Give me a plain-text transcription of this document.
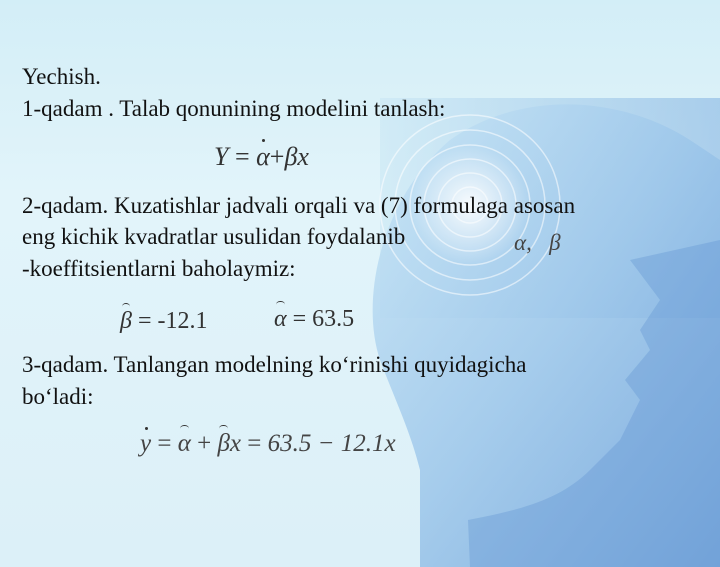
Yechish.
1-qadam . Talab qonunining modelini tanlash:
Y = α+βx
2-qadam. Kuzatishlar jadvali orqali va (7) formulaga asosan
eng kichik kvadratlar usulidan foydalanib	α, β
-koeffitsientlarni baholaymiz:
β = -12.1	α = 63.5
3-qadam. Tanlangan modelning ko‘rinishi quyidagicha
bo‘ladi:
y = α + βx = 63.5 − 12.1x
